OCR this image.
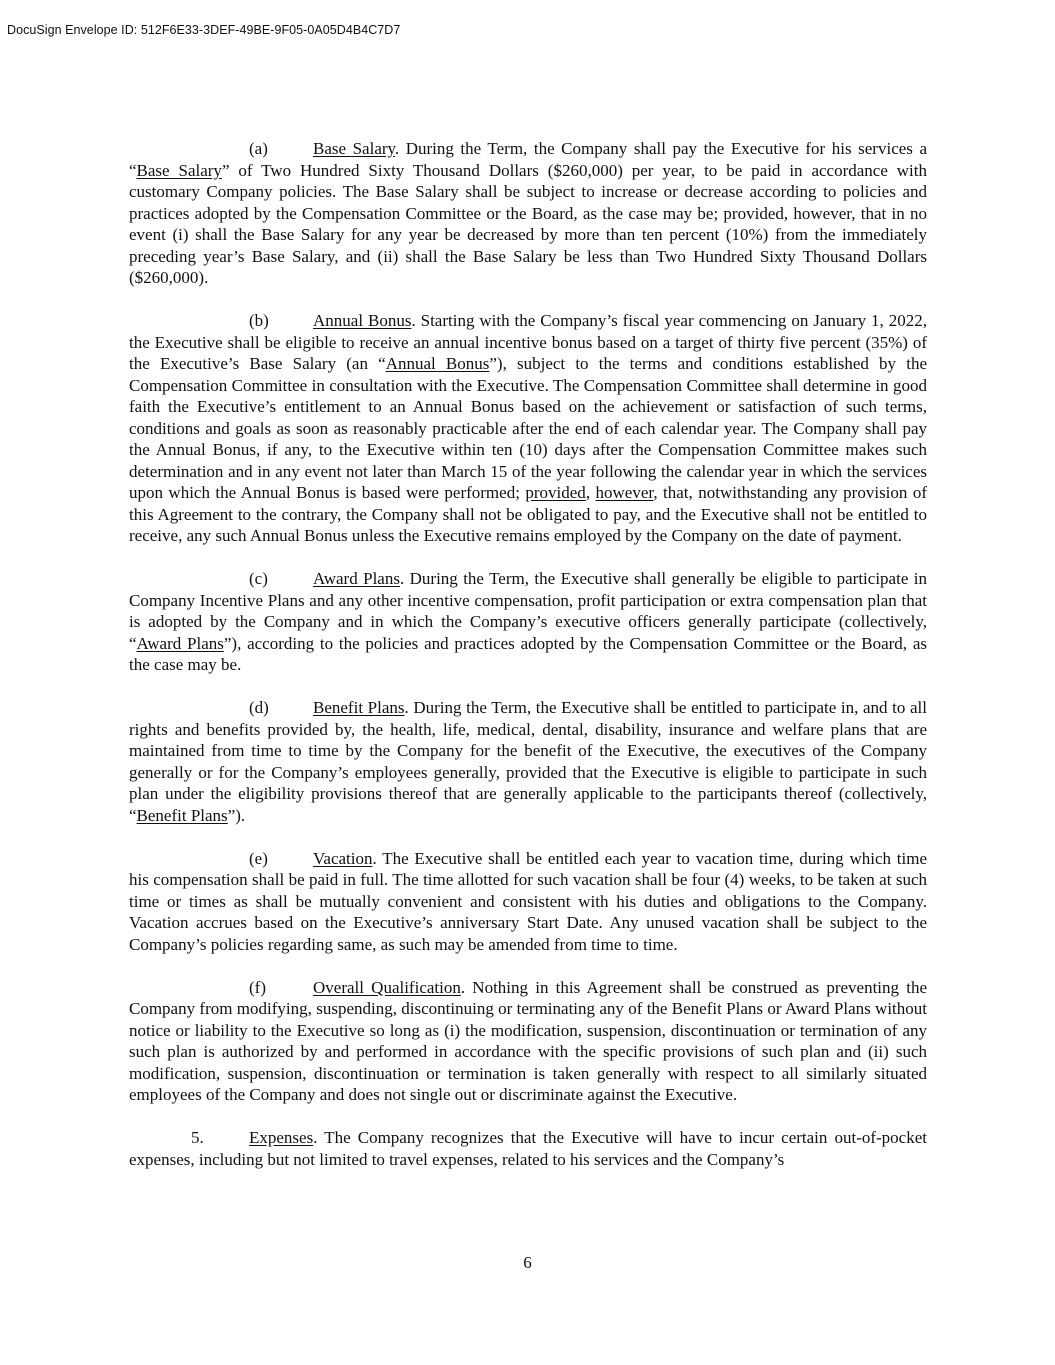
DocuSign Envelope ID: 512F6E33-3DEF-49BE-9F05-0A05D4B4C7D7

(a)	Base Salary. During the Term, the Company shall pay the Executive for his services a “Base Salary” of Two Hundred Sixty Thousand Dollars ($260,000) per year, to be paid in accordance with customary Company policies. The Base Salary shall be subject to increase or decrease according to policies and practices adopted by the Compensation Committee or the Board, as the case may be; provided, however, that in no event (i) shall the Base Salary for any year be decreased by more than ten percent (10%) from the immediately preceding year’s Base Salary, and (ii) shall the Base Salary be less than Two Hundred Sixty Thousand Dollars ($260,000).

(b)	Annual Bonus. Starting with the Company’s fiscal year commencing on January 1, 2022, the Executive shall be eligible to receive an annual incentive bonus based on a target of thirty five percent (35%) of the Executive’s Base Salary (an “Annual Bonus”), subject to the terms and conditions established by the Compensation Committee in consultation with the Executive. The Compensation Committee shall determine in good faith the Executive’s entitlement to an Annual Bonus based on the achievement or satisfaction of such terms, conditions and goals as soon as reasonably practicable after the end of each calendar year. The Company shall pay the Annual Bonus, if any, to the Executive within ten (10) days after the Compensation Committee makes such determination and in any event not later than March 15 of the year following the calendar year in which the services upon which the Annual Bonus is based were performed; provided, however, that, notwithstanding any provision of this Agreement to the contrary, the Company shall not be obligated to pay, and the Executive shall not be entitled to receive, any such Annual Bonus unless the Executive remains employed by the Company on the date of payment.

(c)	Award Plans. During the Term, the Executive shall generally be eligible to participate in Company Incentive Plans and any other incentive compensation, profit participation or extra compensation plan that is adopted by the Company and in which the Company’s executive officers generally participate (collectively, “Award Plans”), according to the policies and practices adopted by the Compensation Committee or the Board, as the case may be.

(d)	Benefit Plans. During the Term, the Executive shall be entitled to participate in, and to all rights and benefits provided by, the health, life, medical, dental, disability, insurance and welfare plans that are maintained from time to time by the Company for the benefit of the Executive, the executives of the Company generally or for the Company’s employees generally, provided that the Executive is eligible to participate in such plan under the eligibility provisions thereof that are generally applicable to the participants thereof (collectively, “Benefit Plans”).

(e)	Vacation. The Executive shall be entitled each year to vacation time, during which time his compensation shall be paid in full. The time allotted for such vacation shall be four (4) weeks, to be taken at such time or times as shall be mutually convenient and consistent with his duties and obligations to the Company. Vacation accrues based on the Executive’s anniversary Start Date. Any unused vacation shall be subject to the Company’s policies regarding same, as such may be amended from time to time.

(f)	Overall Qualification. Nothing in this Agreement shall be construed as preventing the Company from modifying, suspending, discontinuing or terminating any of the Benefit Plans or Award Plans without notice or liability to the Executive so long as (i) the modification, suspension, discontinuation or termination of any such plan is authorized by and performed in accordance with the specific provisions of such plan and (ii) such modification, suspension, discontinuation or termination is taken generally with respect to all similarly situated employees of the Company and does not single out or discriminate against the Executive.

5.	Expenses. The Company recognizes that the Executive will have to incur certain out-of-pocket expenses, including but not limited to travel expenses, related to his services and the Company’s

6
